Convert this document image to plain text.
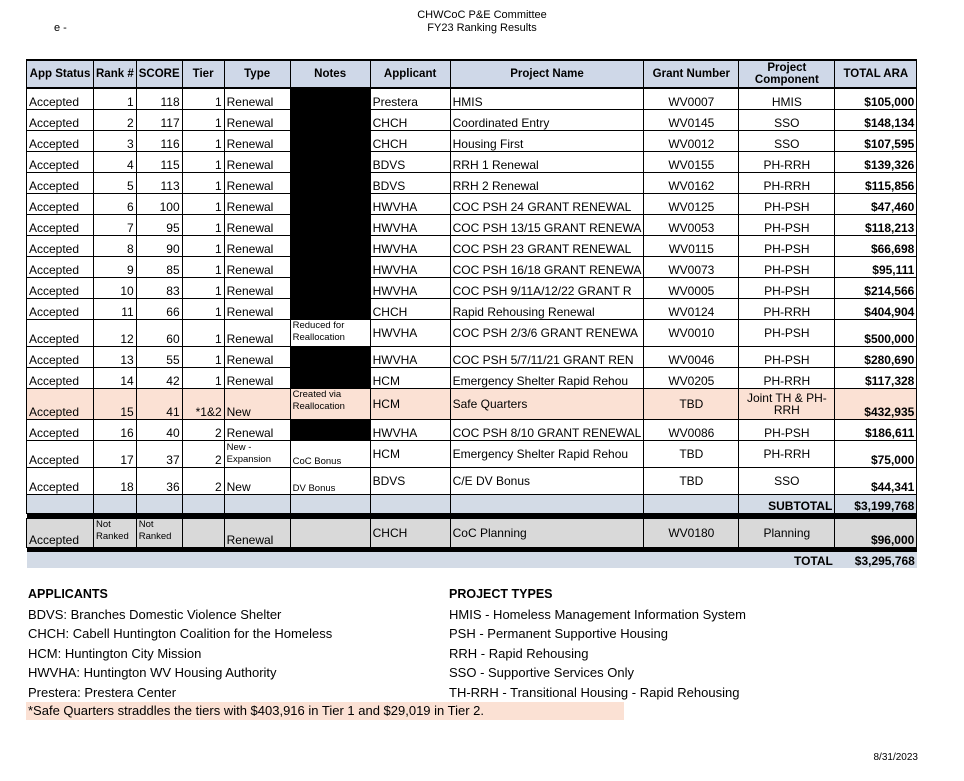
e -
CHWCoC P&E Committee
FY23 Ranking Results
App Status	Rank #	SCORE	Tier	Type	Notes	Applicant	Project Name	Grant Number	Project Component	TOTAL ARA
Accepted	1	118	1	Renewal		Prestera	HMIS	WV0007	HMIS	$105,000
Accepted	2	117	1	Renewal		CHCH	Coordinated Entry	WV0145	SSO	$148,134
Accepted	3	116	1	Renewal		CHCH	Housing First	WV0012	SSO	$107,595
Accepted	4	115	1	Renewal		BDVS	RRH 1 Renewal	WV0155	PH-RRH	$139,326
Accepted	5	113	1	Renewal		BDVS	RRH 2 Renewal	WV0162	PH-RRH	$115,856
Accepted	6	100	1	Renewal		HWVHA	COC PSH 24 GRANT RENEWAL	WV0125	PH-PSH	$47,460
Accepted	7	95	1	Renewal		HWVHA	COC PSH 13/15 GRANT RENEWA	WV0053	PH-PSH	$118,213
Accepted	8	90	1	Renewal		HWVHA	COC PSH 23 GRANT RENEWAL	WV0115	PH-PSH	$66,698
Accepted	9	85	1	Renewal		HWVHA	COC PSH 16/18 GRANT RENEWA	WV0073	PH-PSH	$95,111
Accepted	10	83	1	Renewal		HWVHA	COC PSH 9/11A/12/22 GRANT R	WV0005	PH-PSH	$214,566
Accepted	11	66	1	Renewal		CHCH	Rapid Rehousing Renewal	WV0124	PH-RRH	$404,904
Accepted	12	60	1	Renewal	Reduced for Reallocation	HWVHA	COC PSH 2/3/6 GRANT RENEWA	WV0010	PH-PSH	$500,000
Accepted	13	55	1	Renewal		HWVHA	COC PSH 5/7/11/21 GRANT REN	WV0046	PH-PSH	$280,690
Accepted	14	42	1	Renewal		HCM	Emergency Shelter Rapid Rehou	WV0205	PH-RRH	$117,328
Accepted	15	41	*1&2	New	Created via Reallocation	HCM	Safe Quarters	TBD	Joint TH & PH-RRH	$432,935
Accepted	16	40	2	Renewal		HWVHA	COC PSH 8/10 GRANT RENEWAL	WV0086	PH-PSH	$186,611
Accepted	17	37	2	New - Expansion	CoC Bonus	HCM	Emergency Shelter Rapid Rehou	TBD	PH-RRH	$75,000
Accepted	18	36	2	New	DV Bonus	BDVS	C/E DV Bonus	TBD	SSO	$44,341
									SUBTOTAL	$3,199,768

Accepted	Not Ranked	Not Ranked		Renewal		CHCH	CoC Planning	WV0180	Planning	$96,000

									TOTAL	$3,295,768
APPLICANTS
BDVS: Branches Domestic Violence Shelter
CHCH: Cabell Huntington Coalition for the Homeless
HCM: Huntington City Mission
HWVHA: Huntington WV Housing Authority
Prestera: Prestera Center
PROJECT TYPES
HMIS - Homeless Management Information System
PSH - Permanent Supportive Housing
RRH - Rapid Rehousing
SSO - Supportive Services Only
TH-RRH - Transitional Housing - Rapid Rehousing
*Safe Quarters straddles the tiers with $403,916 in Tier 1 and $29,019 in Tier 2.
8/31/2023
